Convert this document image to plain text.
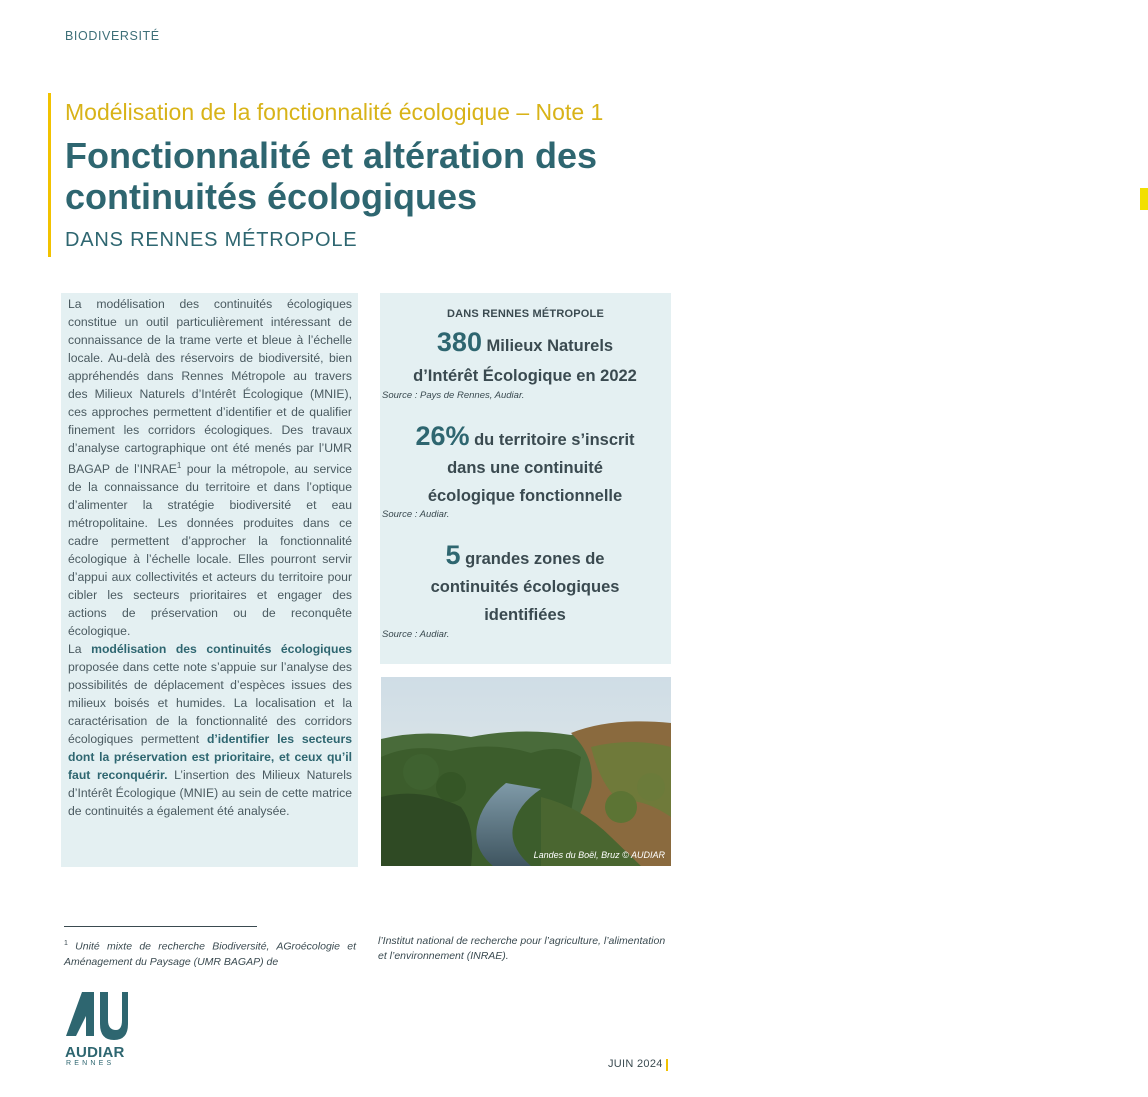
BIODIVERSITÉ
Modélisation de la fonctionnalité écologique – Note 1
Fonctionnalité et altération des
continuités écologiques
DANS RENNES MÉTROPOLE

La modélisation des continuités écologiques constitue un outil particulièrement intéressant de connaissance de la trame verte et bleue à l’échelle locale. Au-delà des réservoirs de biodiversité, bien appréhendés dans Rennes Métropole au travers des Milieux Naturels d’Intérêt Écologique (MNIE), ces approches permettent d’identifier et de qualifier finement les corridors écologiques. Des travaux d’analyse cartographique ont été menés par l’UMR BAGAP de l’INRAE$^1$ pour la métropole, au service de la connaissance du territoire et dans l’optique d’alimenter la stratégie biodiversité et eau métropolitaine. Les données produites dans ce cadre permettent d’approcher la fonctionnalité écologique à l’échelle locale. Elles pourront servir d’appui aux collectivités et acteurs du territoire pour cibler les secteurs prioritaires et engager des actions de préservation ou de reconquête écologique.

La modélisation des continuités écologiques proposée dans cette note s’appuie sur l’analyse des possibilités de déplacement d’espèces issues des milieux boisés et humides. La localisation et la caractérisation de la fonctionnalité des corridors écologiques permettent d’identifier les secteurs dont la préservation est prioritaire, et ceux qu’il faut reconquérir. L’insertion des Milieux Naturels d’Intérêt Écologique (MNIE) au sein de cette matrice de continuités a également été analysée.

DANS RENNES MÉTROPOLE
380 Milieux Naturels
d’Intérêt Écologique en 2022
Source : Pays de Rennes, Audiar.
26% du territoire s’inscrit
dans une continuité
écologique fonctionnelle
Source : Audiar.
5 grandes zones de
continuités écologiques
identifiées
Source : Audiar.
Landes du Boël, Bruz © AUDIAR
$^1$ Unité mixte de recherche Biodiversité, AGroécologie et Aménagement du Paysage (UMR BAGAP) de
l’Institut national de recherche pour l’agriculture, l’alimentation et l’environnement (INRAE).
AUDIAR
RENNES	JUIN 2024
